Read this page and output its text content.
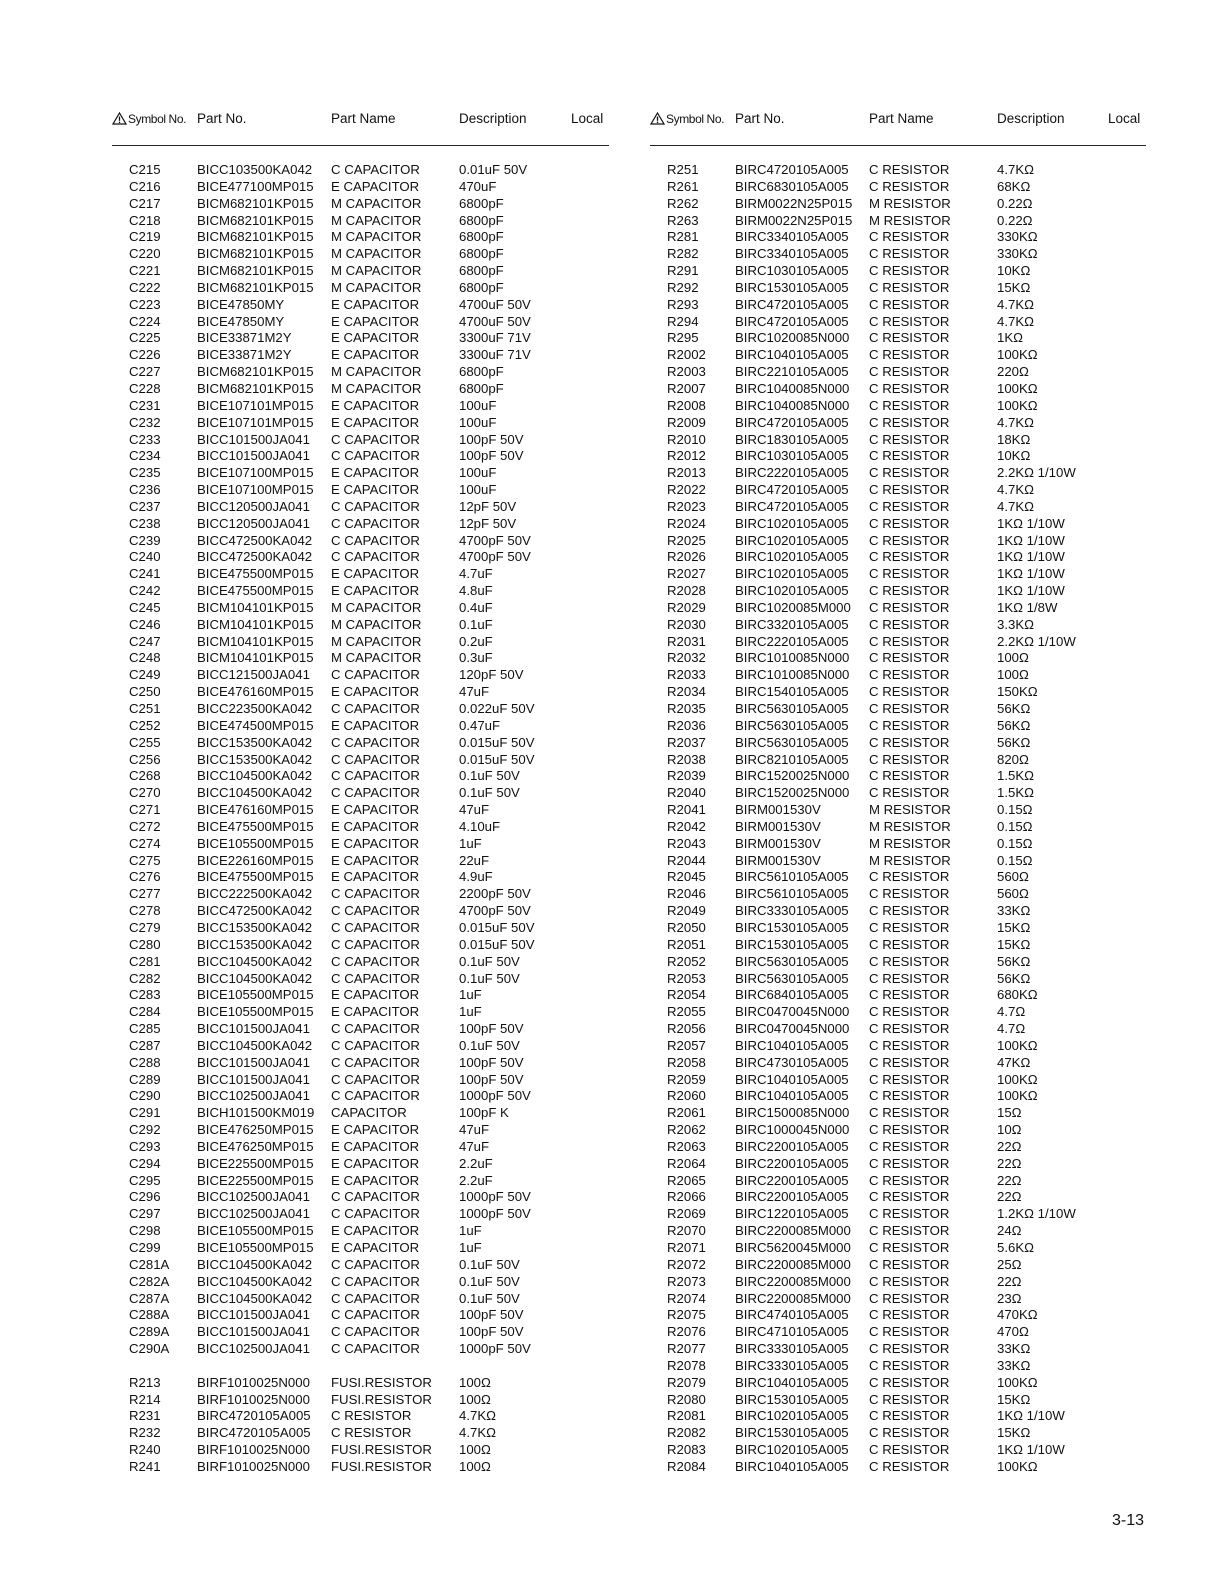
Symbol No. Part No.	Part Name	Description	Local
C215	BICC103500KA042 C CAPACITOR	0.01uF 50V
C216	BICE477100MP015 E CAPACITOR	470uF
C217	BICM682101KP015 M CAPACITOR	6800pF
C218	BICM682101KP015 M CAPACITOR	6800pF
C219	BICM682101KP015 M CAPACITOR	6800pF
C220	BICM682101KP015 M CAPACITOR	6800pF
C221	BICM682101KP015 M CAPACITOR	6800pF
C222	BICM682101KP015 M CAPACITOR	6800pF
C223	BICE47850MY	E CAPACITOR	4700uF 50V
C224	BICE47850MY	E CAPACITOR	4700uF 50V
C225	BICE33871M2Y	E CAPACITOR	3300uF 71V
C226	BICE33871M2Y	E CAPACITOR	3300uF 71V
C227	BICM682101KP015 M CAPACITOR	6800pF
C228	BICM682101KP015 M CAPACITOR	6800pF
C231	BICE107101MP015 E CAPACITOR	100uF
C232	BICE107101MP015 E CAPACITOR	100uF
C233	BICC101500JA041 C CAPACITOR	100pF 50V
C234	BICC101500JA041 C CAPACITOR	100pF 50V
C235	BICE107100MP015 E CAPACITOR	100uF
C236	BICE107100MP015 E CAPACITOR	100uF
C237	BICC120500JA041 C CAPACITOR	12pF 50V
C238	BICC120500JA041 C CAPACITOR	12pF 50V
C239	BICC472500KA042 C CAPACITOR	4700pF 50V
C240	BICC472500KA042 C CAPACITOR	4700pF 50V
C241	BICE475500MP015 E CAPACITOR	4.7uF
C242	BICE475500MP015 E CAPACITOR	4.8uF
C245	BICM104101KP015 M CAPACITOR	0.4uF
C246	BICM104101KP015 M CAPACITOR	0.1uF
C247	BICM104101KP015 M CAPACITOR	0.2uF
C248	BICM104101KP015 M CAPACITOR	0.3uF
C249	BICC121500JA041 C CAPACITOR	120pF 50V
C250	BICE476160MP015 E CAPACITOR	47uF
C251	BICC223500KA042 C CAPACITOR	0.022uF 50V
C252	BICE474500MP015 E CAPACITOR	0.47uF
C255	BICC153500KA042 C CAPACITOR	0.015uF 50V
C256	BICC153500KA042 C CAPACITOR	0.015uF 50V
C268	BICC104500KA042 C CAPACITOR	0.1uF 50V
C270	BICC104500KA042 C CAPACITOR	0.1uF 50V
C271	BICE476160MP015 E CAPACITOR	47uF
C272	BICE475500MP015 E CAPACITOR	4.10uF
C274	BICE105500MP015 E CAPACITOR	1uF
C275	BICE226160MP015 E CAPACITOR	22uF
C276	BICE475500MP015 E CAPACITOR	4.9uF
C277	BICC222500KA042 C CAPACITOR	2200pF 50V
C278	BICC472500KA042 C CAPACITOR	4700pF 50V
C279	BICC153500KA042 C CAPACITOR	0.015uF 50V
C280	BICC153500KA042 C CAPACITOR	0.015uF 50V
C281	BICC104500KA042 C CAPACITOR	0.1uF 50V
C282	BICC104500KA042 C CAPACITOR	0.1uF 50V
C283	BICE105500MP015 E CAPACITOR	1uF
C284	BICE105500MP015 E CAPACITOR	1uF
C285	BICC101500JA041 C CAPACITOR	100pF 50V
C287	BICC104500KA042 C CAPACITOR	0.1uF 50V
C288	BICC101500JA041 C CAPACITOR	100pF 50V
C289	BICC101500JA041 C CAPACITOR	100pF 50V
C290	BICC102500JA041 C CAPACITOR	1000pF 50V
C291	BICH101500KM019 CAPACITOR	100pF K
C292	BICE476250MP015 E CAPACITOR	47uF
C293	BICE476250MP015 E CAPACITOR	47uF
C294	BICE225500MP015 E CAPACITOR	2.2uF
C295	BICE225500MP015 E CAPACITOR	2.2uF
C296	BICC102500JA041 C CAPACITOR	1000pF 50V
C297	BICC102500JA041 C CAPACITOR	1000pF 50V
C298	BICE105500MP015 E CAPACITOR	1uF
C299	BICE105500MP015 E CAPACITOR	1uF
C281A BICC104500KA042 C CAPACITOR	0.1uF 50V
C282A BICC104500KA042 C CAPACITOR	0.1uF 50V
C287A BICC104500KA042 C CAPACITOR	0.1uF 50V
C288A BICC101500JA041 C CAPACITOR	100pF 50V
C289A BICC101500JA041 C CAPACITOR	100pF 50V
C290A BICC102500JA041 C CAPACITOR	1000pF 50V
R213	BIRF1010025N000 FUSI.RESISTOR 100Ω
R214	BIRF1010025N000 FUSI.RESISTOR 100Ω
R231	BIRC4720105A005 C RESISTOR	4.7KΩ
R232	BIRC4720105A005 C RESISTOR	4.7KΩ
R240	BIRF1010025N000 FUSI.RESISTOR 100Ω
R241	BIRF1010025N000 FUSI.RESISTOR 100Ω
Symbol No. Part No.	Part Name	Description	Local
R251	BIRC4720105A005 C RESISTOR	4.7KΩ
R261	BIRC6830105A005 C RESISTOR	68KΩ
R262	BIRM0022N25P015 M RESISTOR	0.22Ω
R263	BIRM0022N25P015 M RESISTOR	0.22Ω
R281	BIRC3340105A005 C RESISTOR	330KΩ
R282	BIRC3340105A005 C RESISTOR	330KΩ
R291	BIRC1030105A005 C RESISTOR	10KΩ
R292	BIRC1530105A005 C RESISTOR	15KΩ
R293	BIRC4720105A005 C RESISTOR	4.7KΩ
R294	BIRC4720105A005 C RESISTOR	4.7KΩ
R295	BIRC1020085N000 C RESISTOR	1KΩ
R2002 BIRC1040105A005 C RESISTOR	100KΩ
R2003 BIRC2210105A005 C RESISTOR	220Ω
R2007 BIRC1040085N000 C RESISTOR	100KΩ
R2008 BIRC1040085N000 C RESISTOR	100KΩ
R2009 BIRC4720105A005 C RESISTOR	4.7KΩ
R2010 BIRC1830105A005 C RESISTOR	18KΩ
R2012 BIRC1030105A005 C RESISTOR	10KΩ
R2013 BIRC2220105A005 C RESISTOR	2.2KΩ 1/10W
R2022 BIRC4720105A005 C RESISTOR	4.7KΩ
R2023 BIRC4720105A005 C RESISTOR	4.7KΩ
R2024 BIRC1020105A005 C RESISTOR	1KΩ 1/10W
R2025 BIRC1020105A005 C RESISTOR	1KΩ 1/10W
R2026 BIRC1020105A005 C RESISTOR	1KΩ 1/10W
R2027 BIRC1020105A005 C RESISTOR	1KΩ 1/10W
R2028 BIRC1020105A005 C RESISTOR	1KΩ 1/10W
R2029 BIRC1020085M000 C RESISTOR	1KΩ 1/8W
R2030 BIRC3320105A005 C RESISTOR	3.3KΩ
R2031 BIRC2220105A005 C RESISTOR	2.2KΩ 1/10W
R2032 BIRC1010085N000 C RESISTOR	100Ω
R2033 BIRC1010085N000 C RESISTOR	100Ω
R2034 BIRC1540105A005 C RESISTOR	150KΩ
R2035 BIRC5630105A005 C RESISTOR	56KΩ
R2036 BIRC5630105A005 C RESISTOR	56KΩ
R2037 BIRC5630105A005 C RESISTOR	56KΩ
R2038 BIRC8210105A005 C RESISTOR	820Ω
R2039 BIRC1520025N000 C RESISTOR	1.5KΩ
R2040 BIRC1520025N000 C RESISTOR	1.5KΩ
R2041 BIRM001530V	M RESISTOR	0.15Ω
R2042 BIRM001530V	M RESISTOR	0.15Ω
R2043 BIRM001530V	M RESISTOR	0.15Ω
R2044 BIRM001530V	M RESISTOR	0.15Ω
R2045 BIRC5610105A005 C RESISTOR	560Ω
R2046 BIRC5610105A005 C RESISTOR	560Ω
R2049 BIRC3330105A005 C RESISTOR	33KΩ
R2050 BIRC1530105A005 C RESISTOR	15KΩ
R2051 BIRC1530105A005 C RESISTOR	15KΩ
R2052 BIRC5630105A005 C RESISTOR	56KΩ
R2053 BIRC5630105A005 C RESISTOR	56KΩ
R2054 BIRC6840105A005 C RESISTOR	680KΩ
R2055 BIRC0470045N000 C RESISTOR	4.7Ω
R2056 BIRC0470045N000 C RESISTOR	4.7Ω
R2057 BIRC1040105A005 C RESISTOR	100KΩ
R2058 BIRC4730105A005 C RESISTOR	47KΩ
R2059 BIRC1040105A005 C RESISTOR	100KΩ
R2060 BIRC1040105A005 C RESISTOR	100KΩ
R2061 BIRC1500085N000 C RESISTOR	15Ω
R2062 BIRC1000045N000 C RESISTOR	10Ω
R2063 BIRC2200105A005 C RESISTOR	22Ω
R2064 BIRC2200105A005 C RESISTOR	22Ω
R2065 BIRC2200105A005 C RESISTOR	22Ω
R2066 BIRC2200105A005 C RESISTOR	22Ω
R2069 BIRC1220105A005 C RESISTOR	1.2KΩ 1/10W
R2070 BIRC2200085M000 C RESISTOR	24Ω
R2071 BIRC5620045M000 C RESISTOR	5.6KΩ
R2072 BIRC2200085M000 C RESISTOR	25Ω
R2073 BIRC2200085M000 C RESISTOR	22Ω
R2074 BIRC2200085M000 C RESISTOR	23Ω
R2075 BIRC4740105A005 C RESISTOR	470KΩ
R2076 BIRC4710105A005 C RESISTOR	470Ω
R2077 BIRC3330105A005 C RESISTOR	33KΩ
R2078 BIRC3330105A005 C RESISTOR	33KΩ
R2079 BIRC1040105A005 C RESISTOR	100KΩ
R2080 BIRC1530105A005 C RESISTOR	15KΩ
R2081 BIRC1020105A005 C RESISTOR	1KΩ 1/10W
R2082 BIRC1530105A005 C RESISTOR	15KΩ
R2083 BIRC1020105A005 C RESISTOR	1KΩ 1/10W
R2084 BIRC1040105A005 C RESISTOR	100KΩ
3-13
